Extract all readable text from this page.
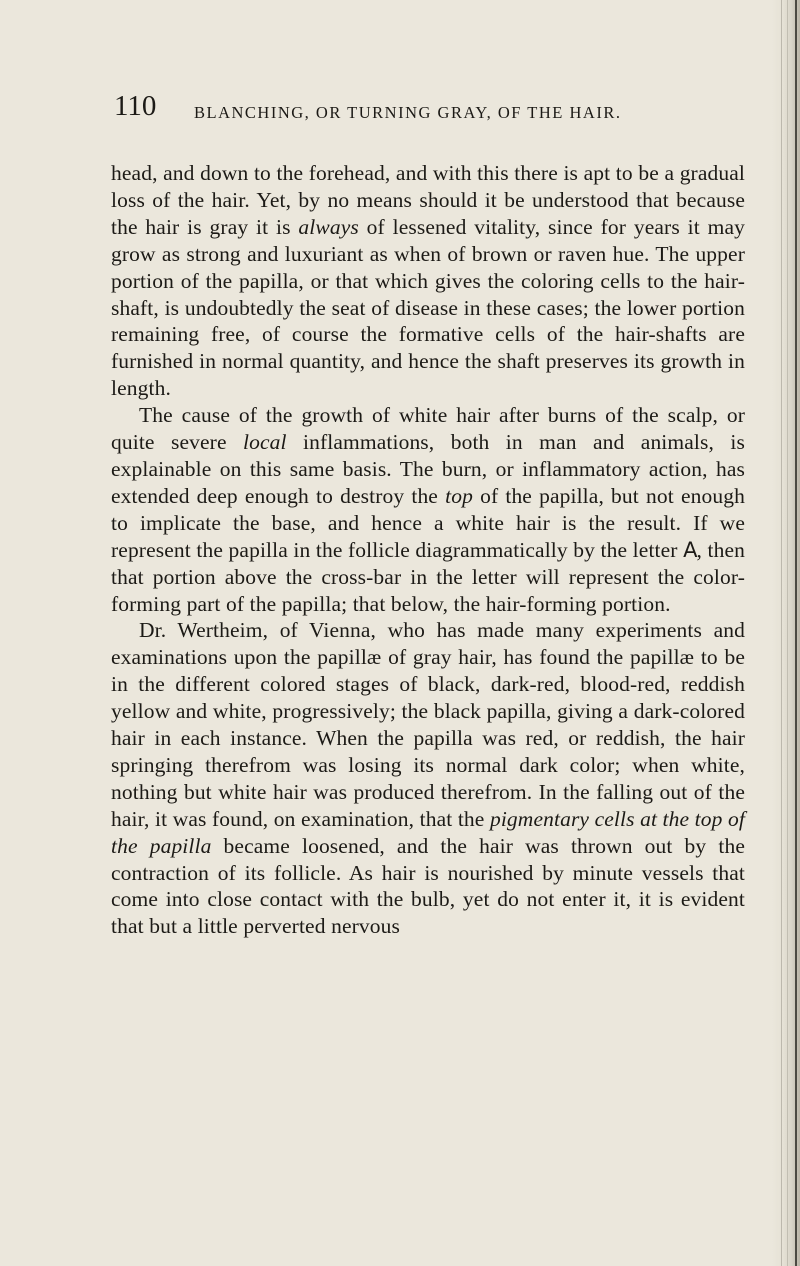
110 BLANCHING, OR TURNING GRAY, OF THE HAIR.

head, and down to the forehead, and with this there is apt to be a gradual loss of the hair. Yet, by no means should it be understood that because the hair is gray it is always of lessened vitality, since for years it may grow as strong and luxuriant as when of brown or raven hue. The upper portion of the papilla, or that which gives the coloring cells to the hair-shaft, is undoubtedly the seat of disease in these cases; the lower portion remaining free, of course the formative cells of the hair-shafts are furnished in normal quantity, and hence the shaft preserves its growth in length.

The cause of the growth of white hair after burns of the scalp, or quite severe local inflammations, both in man and animals, is explainable on this same basis. The burn, or inflammatory action, has extended deep enough to destroy the top of the papilla, but not enough to implicate the base, and hence a white hair is the result. If we represent the papilla in the follicle diagrammatically by the letter A, then that portion above the cross-bar in the letter will represent the color-forming part of the papilla; that below, the hair-forming portion.

Dr. Wertheim, of Vienna, who has made many experiments and examinations upon the papillæ of gray hair, has found the papillæ to be in the different colored stages of black, dark-red, blood-red, reddish yellow and white, progressively; the black papilla, giving a dark-colored hair in each instance. When the papilla was red, or reddish, the hair springing therefrom was losing its normal dark color; when white, nothing but white hair was produced therefrom. In the falling out of the hair, it was found, on examination, that the pigmentary cells at the top of the papilla became loosened, and the hair was thrown out by the contraction of its follicle. As hair is nourished by minute vessels that come into close contact with the bulb, yet do not enter it, it is evident that but a little perverted nervous
